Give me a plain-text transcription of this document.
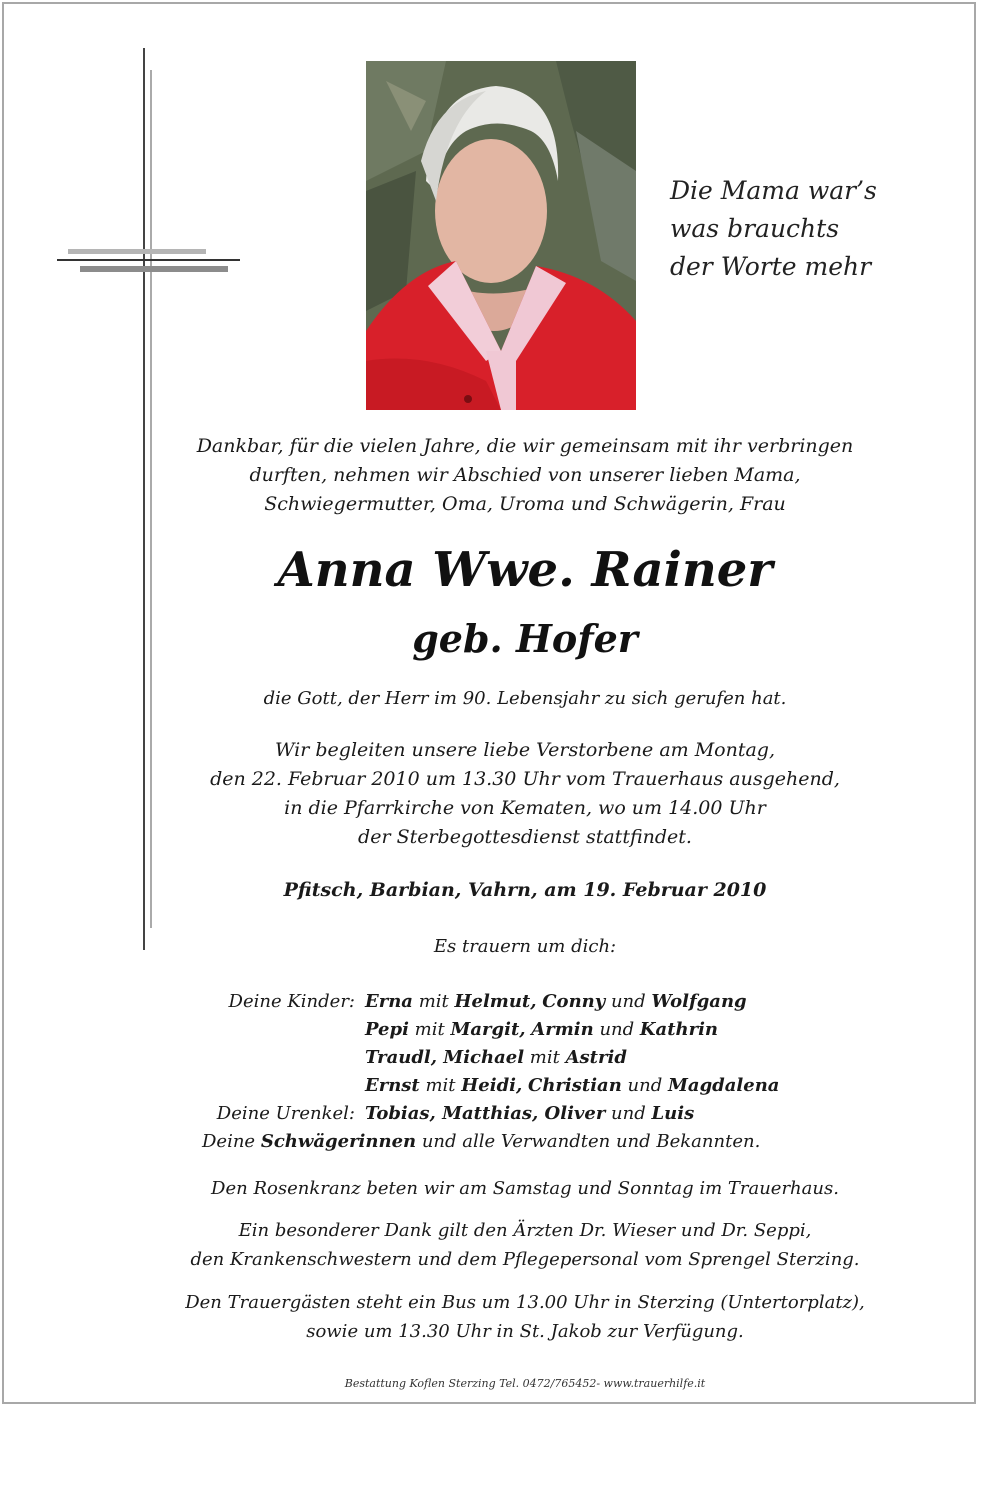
Die Mama war’s
was brauchts
der Worte mehr
Dankbar, für die vielen Jahre, die wir gemeinsam mit ihr verbringen
durften, nehmen wir Abschied von unserer lieben Mama,
Schwiegermutter, Oma, Uroma und Schwägerin, Frau
Anna Wwe. Rainer
geb. Hofer
die Gott, der Herr im 90. Lebensjahr zu sich gerufen hat.
Wir begleiten unsere liebe Verstorbene am Montag,
den 22. Februar 2010 um 13.30 Uhr vom Trauerhaus ausgehend,
in die Pfarrkirche von Kematen, wo um 14.00 Uhr
der Sterbegottesdienst stattfindet.
Pfitsch, Barbian, Vahrn, am 19. Februar 2010
Es trauern um dich:
Deine Kinder: Erna mit Helmut, Conny und Wolfgang
Pepi mit Margit, Armin und Kathrin
Traudl, Michael mit Astrid
Ernst mit Heidi, Christian und Magdalena
Deine Urenkel: Tobias, Matthias, Oliver und Luis
Deine Schwägerinnen und alle Verwandten und Bekannten.
Den Rosenkranz beten wir am Samstag und Sonntag im Trauerhaus.
Ein besonderer Dank gilt den Ärzten Dr. Wieser und Dr. Seppi,
den Krankenschwestern und dem Pflegepersonal vom Sprengel Sterzing.
Den Trauergästen steht ein Bus um 13.00 Uhr in Sterzing (Untertorplatz),
sowie um 13.30 Uhr in St. Jakob zur Verfügung.
Bestattung Koflen Sterzing Tel. 0472/765452- www.trauerhilfe.it
